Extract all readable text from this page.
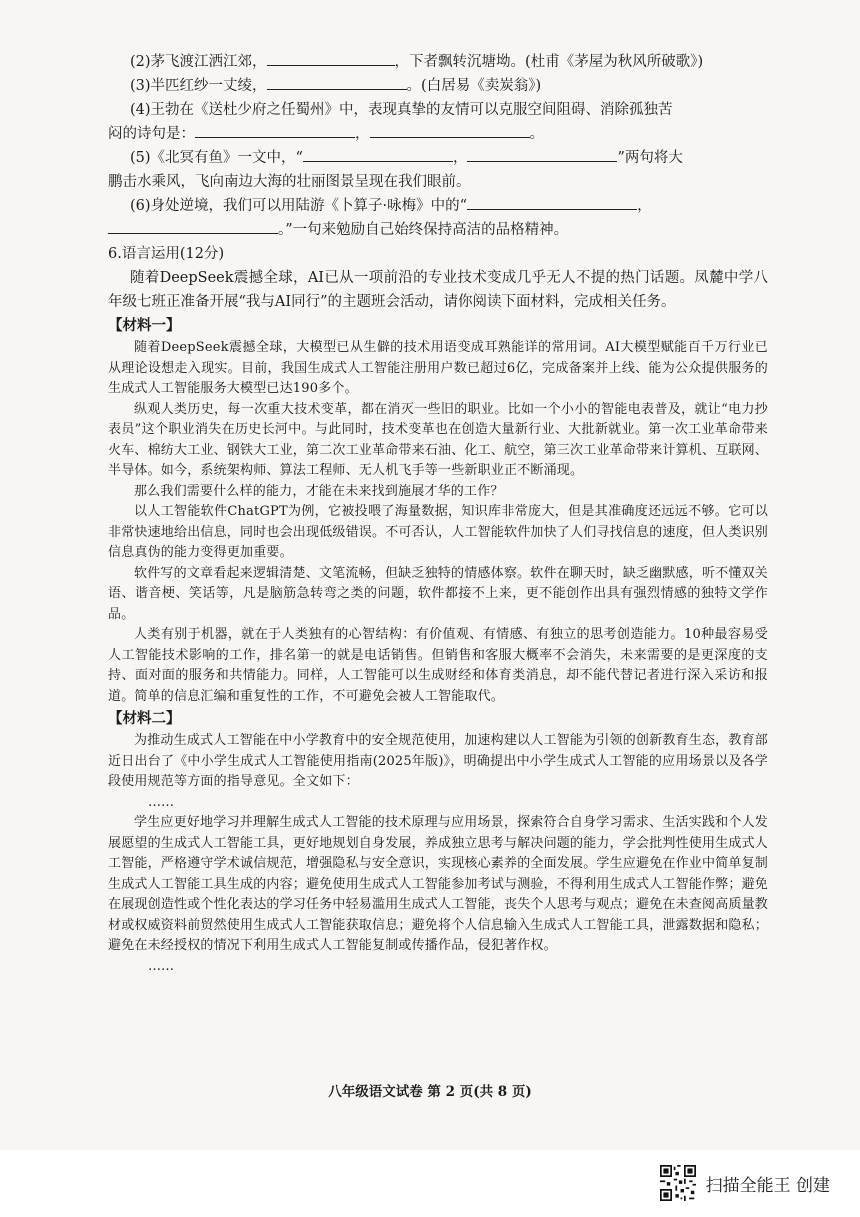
(2)茅飞渡江洒江郊，	，下者飘转沉塘坳。(杜甫《茅屋为秋风所破歌》)
(3)半匹红纱一丈绫，	。(白居易《卖炭翁》)
(4)王勃在《送杜少府之任蜀州》中，表现真挚的友情可以克服空间阻碍、消除孤独苦
闷的诗句是：	，	。
(5)《北冥有鱼》一文中，“	，	”两句将大
鹏击水乘风，飞向南边大海的壮丽图景呈现在我们眼前。
(6)身处逆境，我们可以用陆游《卜算子·咏梅》中的“	，
。”一句来勉励自己始终保持高洁的品格精神。
6.语言运用(12分)

随着DeepSeek震撼全球，AI已从一项前沿的专业技术变成几乎无人不提的热门话题。凤麓中学八年级七班正准备开展“我与AI同行”的主题班会活动，请你阅读下面材料，完成相关任务。

【材料一】

随着DeepSeek震撼全球，大模型已从生僻的技术用语变成耳熟能详的常用词。AI大模型赋能百千万行业已从理论设想走入现实。目前，我国生成式人工智能注册用户数已超过6亿，完成备案并上线、能为公众提供服务的生成式人工智能服务大模型已达190多个。

纵观人类历史，每一次重大技术变革，都在消灭一些旧的职业。比如一个小小的智能电表普及，就让“电力抄表员”这个职业消失在历史长河中。与此同时，技术变革也在创造大量新行业、大批新就业。第一次工业革命带来火车、棉纺大工业、钢铁大工业，第二次工业革命带来石油、化工、航空，第三次工业革命带来计算机、互联网、半导体。如今，系统架构师、算法工程师、无人机飞手等一些新职业正不断涌现。

那么我们需要什么样的能力，才能在未来找到施展才华的工作？

以人工智能软件ChatGPT为例，它被投喂了海量数据，知识库非常庞大，但是其准确度还远远不够。它可以非常快速地给出信息，同时也会出现低级错误。不可否认，人工智能软件加快了人们寻找信息的速度，但人类识别信息真伪的能力变得更加重要。

软件写的文章看起来逻辑清楚、文笔流畅，但缺乏独特的情感体察。软件在聊天时，缺乏幽默感，听不懂双关语、谐音梗、笑话等，凡是脑筋急转弯之类的问题，软件都接不上来，更不能创作出具有强烈情感的独特文学作品。

人类有别于机器，就在于人类独有的心智结构：有价值观、有情感、有独立的思考创造能力。10种最容易受人工智能技术影响的工作，排名第一的就是电话销售。但销售和客服大概率不会消失，未来需要的是更深度的支持、面对面的服务和共情能力。同样，人工智能可以生成财经和体育类消息，却不能代替记者进行深入采访和报道。简单的信息汇编和重复性的工作，不可避免会被人工智能取代。

【材料二】

为推动生成式人工智能在中小学教育中的安全规范使用，加速构建以人工智能为引领的创新教育生态，教育部近日出台了《中小学生成式人工智能使用指南(2025年版)》，明确提出中小学生成式人工智能的应用场景以及各学段使用规范等方面的指导意见。全文如下：

……

学生应更好地学习并理解生成式人工智能的技术原理与应用场景，探索符合自身学习需求、生活实践和个人发展愿望的生成式人工智能工具，更好地规划自身发展，养成独立思考与解决问题的能力，学会批判性使用生成式人工智能，严格遵守学术诚信规范，增强隐私与安全意识，实现核心素养的全面发展。学生应避免在作业中简单复制生成式人工智能工具生成的内容；避免使用生成式人工智能参加考试与测验，不得利用生成式人工智能作弊；避免在展现创造性或个性化表达的学习任务中轻易滥用生成式人工智能，丧失个人思考与观点；避免在未查阅高质量教材或权威资料前贸然使用生成式人工智能获取信息；避免将个人信息输入生成式人工智能工具，泄露数据和隐私；避免在未经授权的情况下利用生成式人工智能复制或传播作品，侵犯著作权。

……

八年级语文试卷 第 2 页(共 8 页)
扫描全能王 创建
